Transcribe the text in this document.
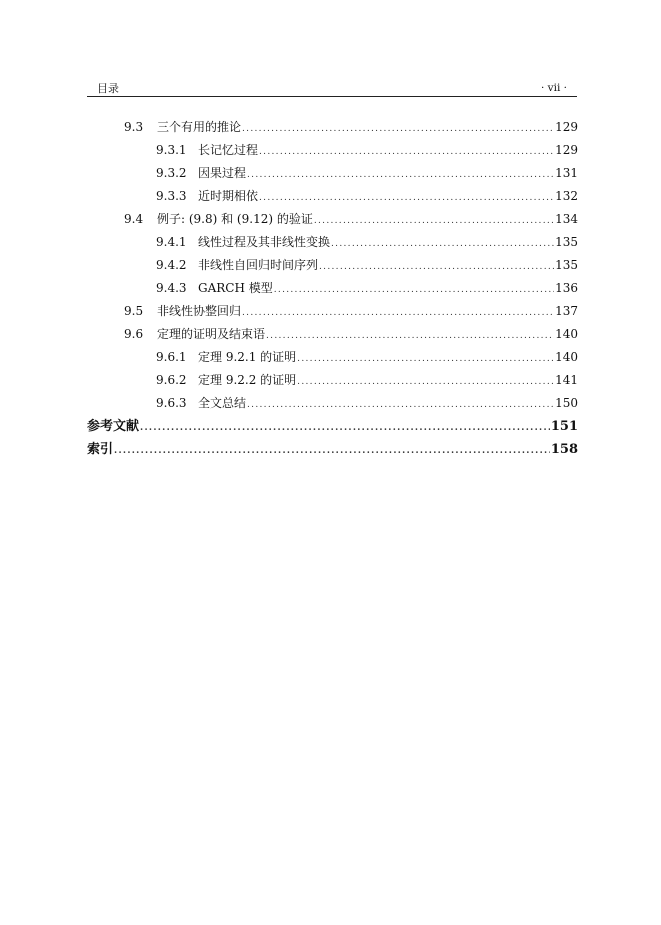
目录	· vii ·
9.3	三个有用的推论 .....	129
9.3.1 长记忆过程 .....	129
9.3.2 因果过程 .....	131
9.3.3 近时期相依 .....	132
9.4	例子: (9.8) 和 (9.12) 的验证 .....	134
9.4.1 线性过程及其非线性变换 .....	135
9.4.2 非线性自回归时间序列 .....	135
9.4.3 GARCH 模型 .....	136
9.5	非线性协整回归 .....	137
9.6	定理的证明及结束语 .....	140
9.6.1 定理 9.2.1 的证明 .....	140
9.6.2 定理 9.2.2 的证明 .....	141
9.6.3 全文总结 .....	150
参考文献 .....	151
索引 .....	158
